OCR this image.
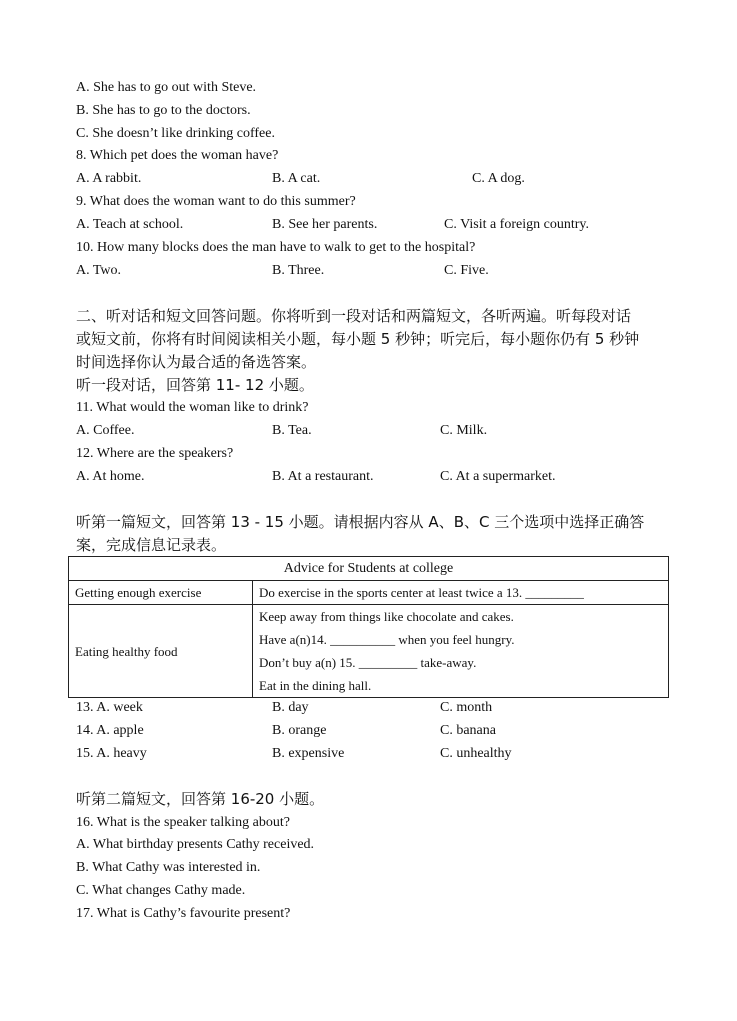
A. She has to go out with Steve.
B. She has to go to the doctors.
C. She doesn’t like drinking coffee.
8. Which pet does the woman have?
A. A rabbit.	B. A cat.	C. A dog.
9. What does the woman want to do this summer?
A. Teach at school.	B. See her parents.	C. Visit a foreign country.
10. How many blocks does the man have to walk to get to the hospital?
A. Two.	B. Three.	C. Five.
二、听对话和短文回答问题。你将听到一段对话和两篇短文，各听两遍。听每段对话
或短文前，你将有时间阅读相关小题，每小题 5 秒钟；听完后，每小题你仍有 5 秒钟
时间选择你认为最合适的备选答案。
听一段对话，回答第 11- 12 小题。
11. What would the woman like to drink?
A. Coffee.	B. Tea.	C. Milk.
12. Where are the speakers?
A. At home.	B. At a restaurant.	C. At a supermarket.
听第一篇短文，回答第 13 - 15 小题。请根据内容从 A、B、C 三个选项中选择正确答
案，完成信息记录表。
Advice for Students at college	
Getting enough exercise	Do exercise in the sports center at least twice a 13. _________
Eating healthy food	Keep away from things like chocolate and cakes.
Have a(n)14. __________ when you feel hungry.
Don’t buy a(n) 15. _________ take-away.
Eat in the dining hall.
13. A. week	B. day	C. month
14. A. apple	B. orange	C. banana
15. A. heavy	B. expensive	C. unhealthy
听第二篇短文，回答第 16-20 小题。
16. What is the speaker talking about?
A. What birthday presents Cathy received.
B. What Cathy was interested in.
C. What changes Cathy made.
17. What is Cathy’s favourite present?
